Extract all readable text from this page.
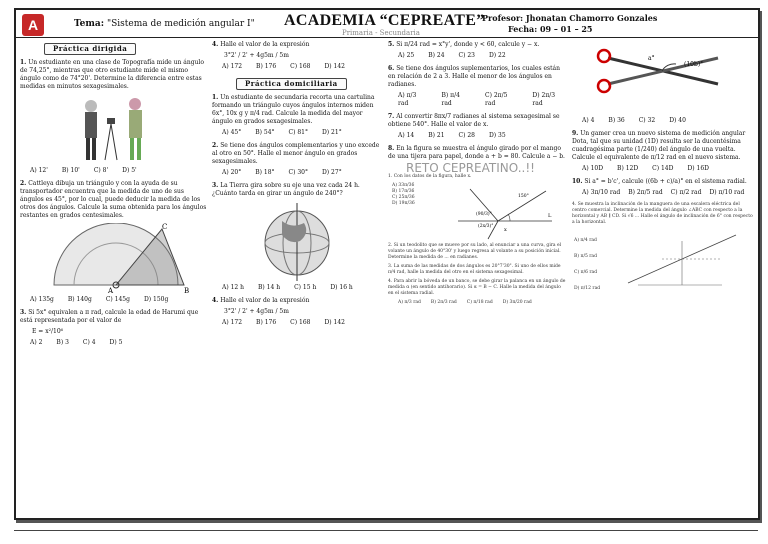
A	Tema: "Sistema de medición angular I" ACADEMIA “CEPREATE”
Primaria - Secundaria
Profesor: Jhonatan Chamorro Gonzales
Fecha: 09 – 01 – 25
Práctica dirigida

1. Un estudiante en una clase de Topografía mide un ángulo de 74,25°, mientras que otro estudiante mide el mismo ángulo como de 74°20'. Determine la diferencia entre estas medidas en minutos sexagesimales.

A) 12' B) 10' C) 8' D) 5'

2. Cattleya dibuja un triángulo y con la ayuda de su transportador encuentra que la medida de uno de sus ángulos es 45°, por lo cual, puede deducir la medida de los otros dos ángulos. Calcule la suma obtenida para los ángulos restantes en grados centesimales.

C
A	B
A) 135g B) 140g C) 145g D) 150g

3. Si 5x° equivalen a π rad, calcule la edad de Harumi que está representada por el valor de

E = x²/10⁶

A) 2 B) 3 C) 4 D) 5

4. Halle el valor de la expresión

3°2' / 2' + 4g5m / 5m

A) 172 B) 176 C) 168 D) 142
Práctica domiciliaria

1. Un estudiante de secundaria recorta una cartulina formando un triángulo cuyos ángulos internos miden 6x°, 10x g y π/4 rad. Calcule la medida del mayor ángulo en grados sexagesimales.

A) 45° B) 54° C) 81° D) 21°

2. Se tiene dos ángulos complementarios y uno excede al otro en 50°. Halle el menor ángulo en grados sexagesimales.

A) 20° B) 18° C) 30° D) 27°

3. La Tierra gira sobre su eje una vez cada 24 h. ¿Cuánto tarda en girar un ángulo de 240°?

A) 12 h B) 14 h C) 15 h D) 16 h

4. Halle el valor de la expresión

3°2' / 2' + 4g5m / 5m

A) 172 B) 176 C) 168 D) 142

5. Si π/24 rad = x°y', donde y < 60, calcule y − x.

A) 25 B) 24 C) 23 D) 22

6. Se tiene dos ángulos suplementarios, los cuales están en relación de 2 a 3. Halle el menor de los ángulos en radianes.

A) π/3 rad
B) π/4 rad
C) 2π/5 rad
D) 2π/3 rad

7. Al convertir 8πx/7 radianes al sistema sexagesimal se obtiene 540°. Halle el valor de x.

A) 14 B) 21 C) 28 D) 35

8. En la figura se muestra el ángulo girado por el mango de una tijera para papel, donde a + b = 80. Calcule a − b.

RETO CEPREATINO..!!

1. Con los datos de la figura, halle x.

A) 33π/36
B) 17π/36
C) 25π/36
D) 19π/36
150°
(90/3)°
(2x/3)°
L
x

2. Si un teodolito que se mueve por su lado, al enunciar a una curva, gira el volante un ángulo de 40°30' y luego regresa al volante a su posición inicial. Determine la medida de ... en radianes.

3. La suma de las medidas de dos ángulos es 20°7'30". Si uno de ellos mide π/4 rad, halle la medida del otro en el sistema sexagesimal.

4. Para abrir la bóveda de un banco, se debe girar la palanca en un ángulo de medida α (en sentido antihorario). Si α = B − C. Halle la medida del ángulo en el sistema radial.

A) π/3 rad B) 2π/3 rad C) π/18 rad D) 3π/20 rad
a°
(10b)°
A) 4 B) 36 C) 32 D) 40

9. Un gamer crea un nuevo sistema de medición angular Dota, tal que su unidad (1D) resulta ser la ducentésima cuadragésima parte (1/240) del ángulo de una vuelta. Calcule el equivalente de π/12 rad en el nuevo sistema.

A) 10D B) 12D C) 14D D) 16D

10. Si a° = b'c', calcule ((6b + c)/a)° en el sistema radial.

A) 3π/10 rad B) 2π/5 rad C) π/2 rad D) π/10 rad

4. Se muestra la inclinación de la manguera de una escalera eléctrica del centro comercial. Determine la medida del ángulo ∠ABC con respecto a la horizontal y AB ∥ CD. Si √6 ... Halle el ángulo de inclinación de 6° con respecto a la horizontal.

A) π/4 rad
B) π/5 rad
C) π/6 rad
D) π/12 rad
